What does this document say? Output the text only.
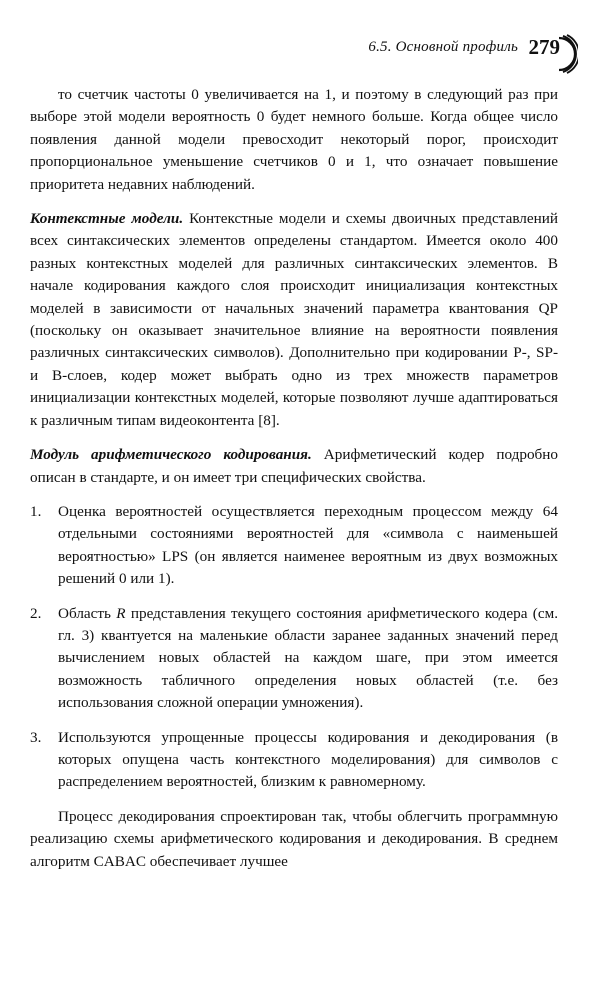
6.5. Основной профиль 279

то счетчик частоты 0 увеличивается на 1, и поэтому в следующий раз при выборе этой модели вероятность 0 будет немного больше. Когда общее число появления данной модели превосходит некоторый порог, происходит пропорциональное уменьшение счетчиков 0 и 1, что означает повышение приоритета недавних наблюдений.

Контекстные модели. Контекстные модели и схемы двоичных представлений всех синтаксических элементов определены стандартом. Имеется около 400 разных контекстных моделей для различных синтаксических элементов. В начале кодирования каждого слоя происходит инициализация контекстных моделей в зависимости от начальных значений параметра квантования QP (поскольку он оказывает значительное влияние на вероятности появления различных синтаксических символов). Дополнительно при кодировании P-, SP- и B-слоев, кодер может выбрать одно из трех множеств параметров инициализации контекстных моделей, которые позволяют лучше адаптироваться к различным типам видеоконтента [8].

Модуль арифметического кодирования. Арифметический кодер подробно описан в стандарте, и он имеет три специфических свойства.

1. Оценка вероятностей осуществляется переходным процессом между 64 отдельными состояниями вероятностей для «символа с наименьшей вероятностью» LPS (он является наименее вероятным из двух возможных решений 0 или 1).
2. Область R представления текущего состояния арифметического кодера (см. гл. 3) квантуется на маленькие области заранее заданных значений перед вычислением новых областей на каждом шаге, при этом имеется возможность табличного определения новых областей (т.е. без использования сложной операции умножения).
3. Используются упрощенные процессы кодирования и декодирования (в которых опущена часть контекстного моделирования) для символов с распределением вероятностей, близким к равномерному.

Процесс декодирования спроектирован так, чтобы облегчить программную реализацию схемы арифметического кодирования и декодирования. В среднем алгоритм CABAC обеспечивает лучшее
